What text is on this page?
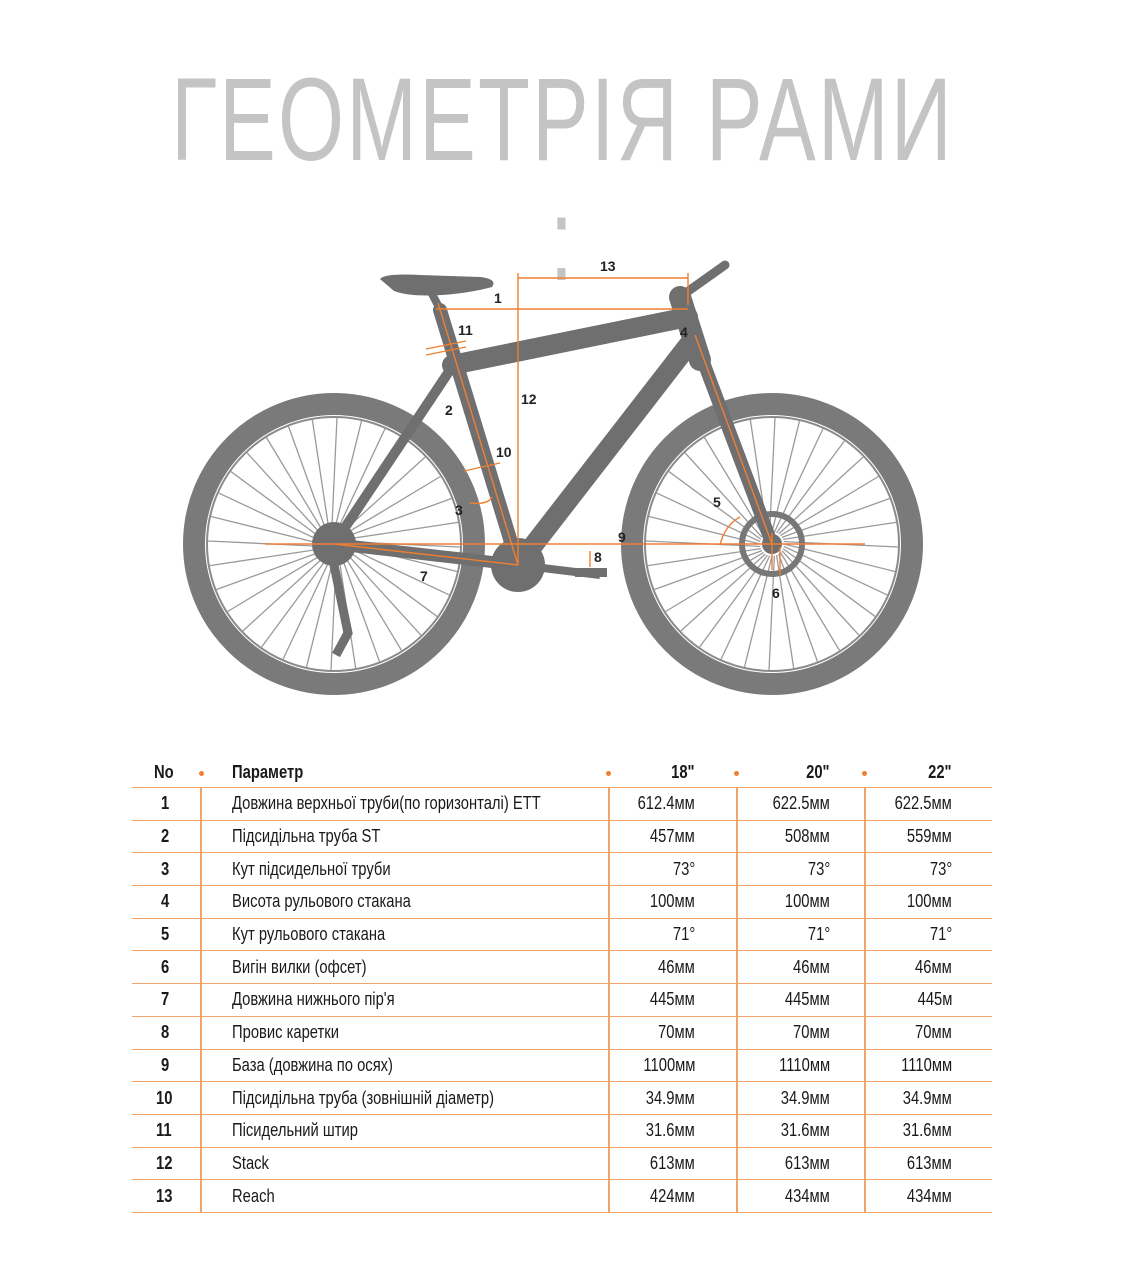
ГЕОМЕТРІЯ РАМИ :	13
1
4
11
12
2
10
3	5
9
8
7
6
No	Параметр	18"	20"	22"
1	Довжина верхньої труби(по горизонталі) ETT	612.4мм	622.5мм	622.5мм
2	Підсидільна труба ST	457мм	508мм	559мм
3	Кут підсидельної труби	73°	73°	73°
4	Висота рульового стакана	100мм	100мм	100мм
5	Кут рульового стакана	71°	71°	71°
6	Вигін вилки (офсет)	46мм	46мм	46мм
7	Довжина нижнього пір'я	445мм	445мм	445м
8	Провис каретки	70мм	70мм	70мм
9	База (довжина по осях)	1100мм	1110мм	1110мм
10	Підсидільна труба (зовнішній діаметр)	34.9мм	34.9мм	34.9мм
11	Пісидельний штир	31.6мм	31.6мм	31.6мм
12	Stack	613мм	613мм	613мм
13	Reach	424мм	434мм	434мм
